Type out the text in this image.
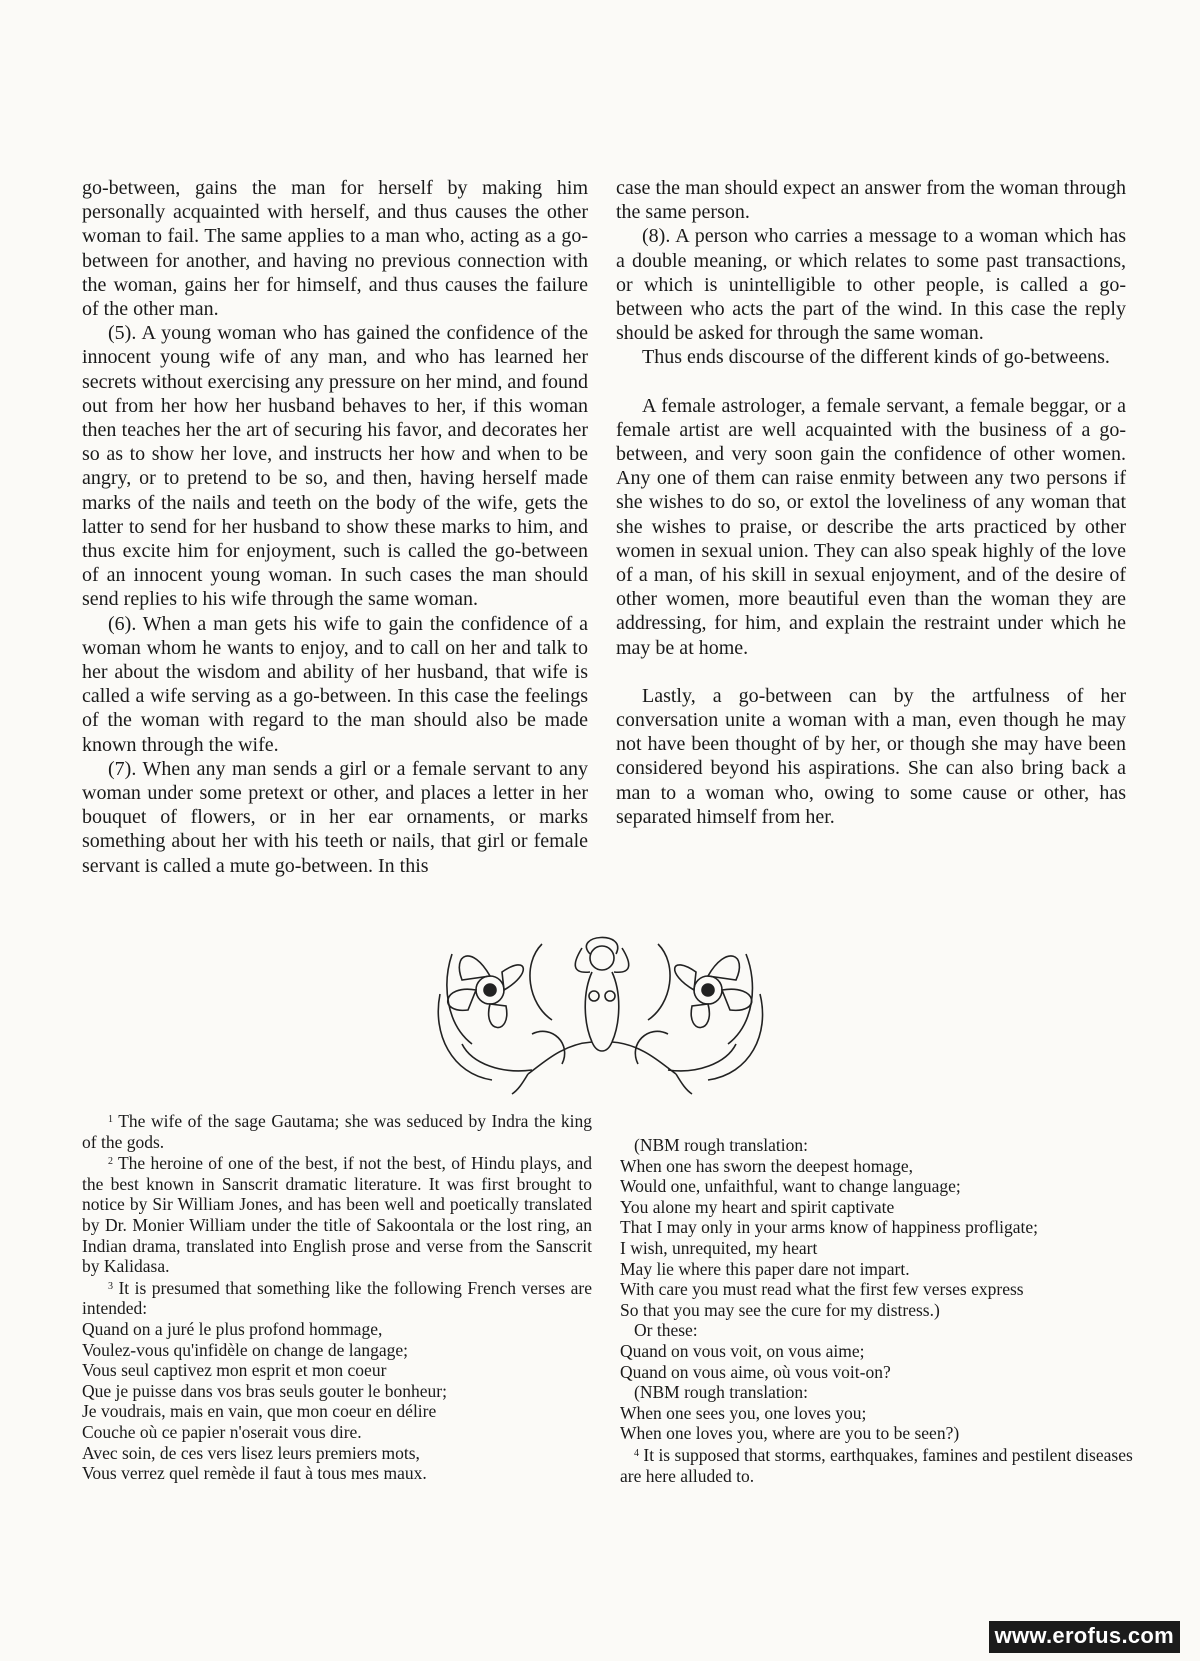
go-between, gains the man for herself by making him personally acquainted with herself, and thus causes the other woman to fail. The same applies to a man who, acting as a go-between for another, and having no previous connection with the woman, gains her for himself, and thus causes the failure of the other man.

(5). A young woman who has gained the confidence of the innocent young wife of any man, and who has learned her secrets without exercising any pressure on her mind, and found out from her how her husband behaves to her, if this woman then teaches her the art of securing his favor, and decorates her so as to show her love, and instructs her how and when to be angry, or to pretend to be so, and then, having herself made marks of the nails and teeth on the body of the wife, gets the latter to send for her husband to show these marks to him, and thus excite him for enjoyment, such is called the go-between of an innocent young woman. In such cases the man should send replies to his wife through the same woman.

(6). When a man gets his wife to gain the confidence of a woman whom he wants to enjoy, and to call on her and talk to her about the wisdom and ability of her husband, that wife is called a wife serving as a go-between. In this case the feelings of the woman with regard to the man should also be made known through the wife.

(7). When any man sends a girl or a female servant to any woman under some pretext or other, and places a letter in her bouquet of flowers, or in her ear ornaments, or marks something about her with his teeth or nails, that girl or female servant is called a mute go-between. In this

case the man should expect an answer from the woman through the same person.

(8). A person who carries a message to a woman which has a double meaning, or which relates to some past transactions, or which is unintelligible to other people, is called a go-between who acts the part of the wind. In this case the reply should be asked for through the same woman.

Thus ends discourse of the different kinds of go-betweens.

A female astrologer, a female servant, a female beggar, or a female artist are well acquainted with the business of a go-between, and very soon gain the confidence of other women. Any one of them can raise enmity between any two persons if she wishes to do so, or extol the loveliness of any woman that she wishes to praise, or describe the arts practiced by other women in sexual union. They can also speak highly of the love of a man, of his skill in sexual enjoyment, and of the desire of other women, more beautiful even than the woman they are addressing, for him, and explain the restraint under which he may be at home.

Lastly, a go-between can by the artfulness of her conversation unite a woman with a man, even though he may not have been thought of by her, or though she may have been considered beyond his aspirations. She can also bring back a man to a woman who, owing to some cause or other, has separated himself from her.

$^1$ The wife of the sage Gautama; she was seduced by Indra the king of the gods.

$^2$ The heroine of one of the best, if not the best, of Hindu plays, and the best known in Sanscrit dramatic literature. It was first brought to notice by Sir William Jones, and has been well and poetically translated by Dr. Monier William under the title of Sakoontala or the lost ring, an Indian drama, translated into English prose and verse from the Sanscrit by Kalidasa.

$^3$ It is presumed that something like the following French verses are intended:

Quand on a juré le plus profond hommage,

Voulez-vous qu'infidèle on change de langage;

Vous seul captivez mon esprit et mon coeur

Que je puisse dans vos bras seuls gouter le bonheur;

Je voudrais, mais en vain, que mon coeur en délire

Couche où ce papier n'oserait vous dire.

Avec soin, de ces vers lisez leurs premiers mots,

Vous verrez quel remède il faut à tous mes maux.

(NBM rough translation:

When one has sworn the deepest homage,

Would one, unfaithful, want to change language;

You alone my heart and spirit captivate

That I may only in your arms know of happiness profligate;

I wish, unrequited, my heart

May lie where this paper dare not impart.

With care you must read what the first few verses express

So that you may see the cure for my distress.)

Or these:

Quand on vous voit, on vous aime;

Quand on vous aime, où vous voit-on?

(NBM rough translation:

When one sees you, one loves you;

When one loves you, where are you to be seen?)

$^4$ It is supposed that storms, earthquakes, famines and pestilent diseases are here alluded to.

www.erofus.com
